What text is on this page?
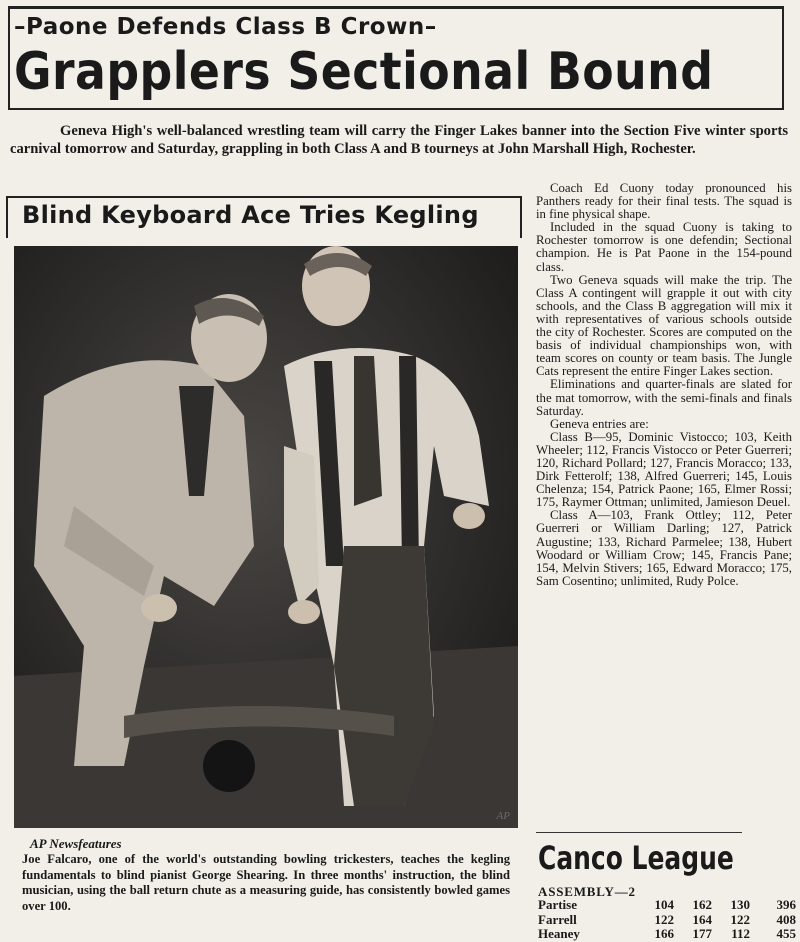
–Paone Defends Class B Crown–
Grapplers Sectional Bound
Geneva High's well-balanced wrestling team will carry the Finger Lakes banner into the Section Five winter sports carnival tomorrow and Saturday, grappling in both Class A and B tourneys at John Marshall High, Rochester.
Blind Keyboard Ace Tries Kegling
AP
AP Newsfeatures
Joe Falcaro, one of the world's outstanding bowling trickesters, teaches the kegling fundamentals to blind pianist George Shearing. In three months' instruction, the blind musician, using the ball return chute as a measuring guide, has consistently bowled games over 100.

Coach Ed Cuony today pronounced his Panthers ready for their final tests. The squad is in fine physical shape.

Included in the squad Cuony is taking to Rochester tomorrow is one defendin; Sectional champion. He is Pat Paone in the 154-pound class.

Two Geneva squads will make the trip. The Class A contingent will grapple it out with city schools, and the Class B aggregation will mix it with representatives of various schools outside the city of Rochester. Scores are computed on the basis of individual championships won, with team scores on county or team basis. The Jungle Cats represent the entire Finger Lakes section.

Eliminations and quarter-finals are slated for the mat tomorrow, with the semi-finals and finals Saturday.

Geneva entries are:

Class B—95, Dominic Vistocco; 103, Keith Wheeler; 112, Francis Vistocco or Peter Guerreri; 120, Richard Pollard; 127, Francis Moracco; 133, Dirk Fetterolf; 138, Alfred Guerreri; 145, Louis Chelenza; 154, Patrick Paone; 165, Elmer Rossi; 175, Raymer Ottman; unlimited, Jamieson Deuel.

Class A—103, Frank Ottley; 112, Peter Guerreri or William Darling; 127, Patrick Augustine; 133, Richard Parmelee; 138, Hubert Woodard or William Crow; 145, Francis Pane; 154, Melvin Stivers; 165, Edward Moracco; 175, Sam Cosentino; unlimited, Rudy Polce.

Canco League
ASSEMBLY—2
Partise	104	162	130	396
Farrell	122	164	122	408
Heaney	166	177	112	455
